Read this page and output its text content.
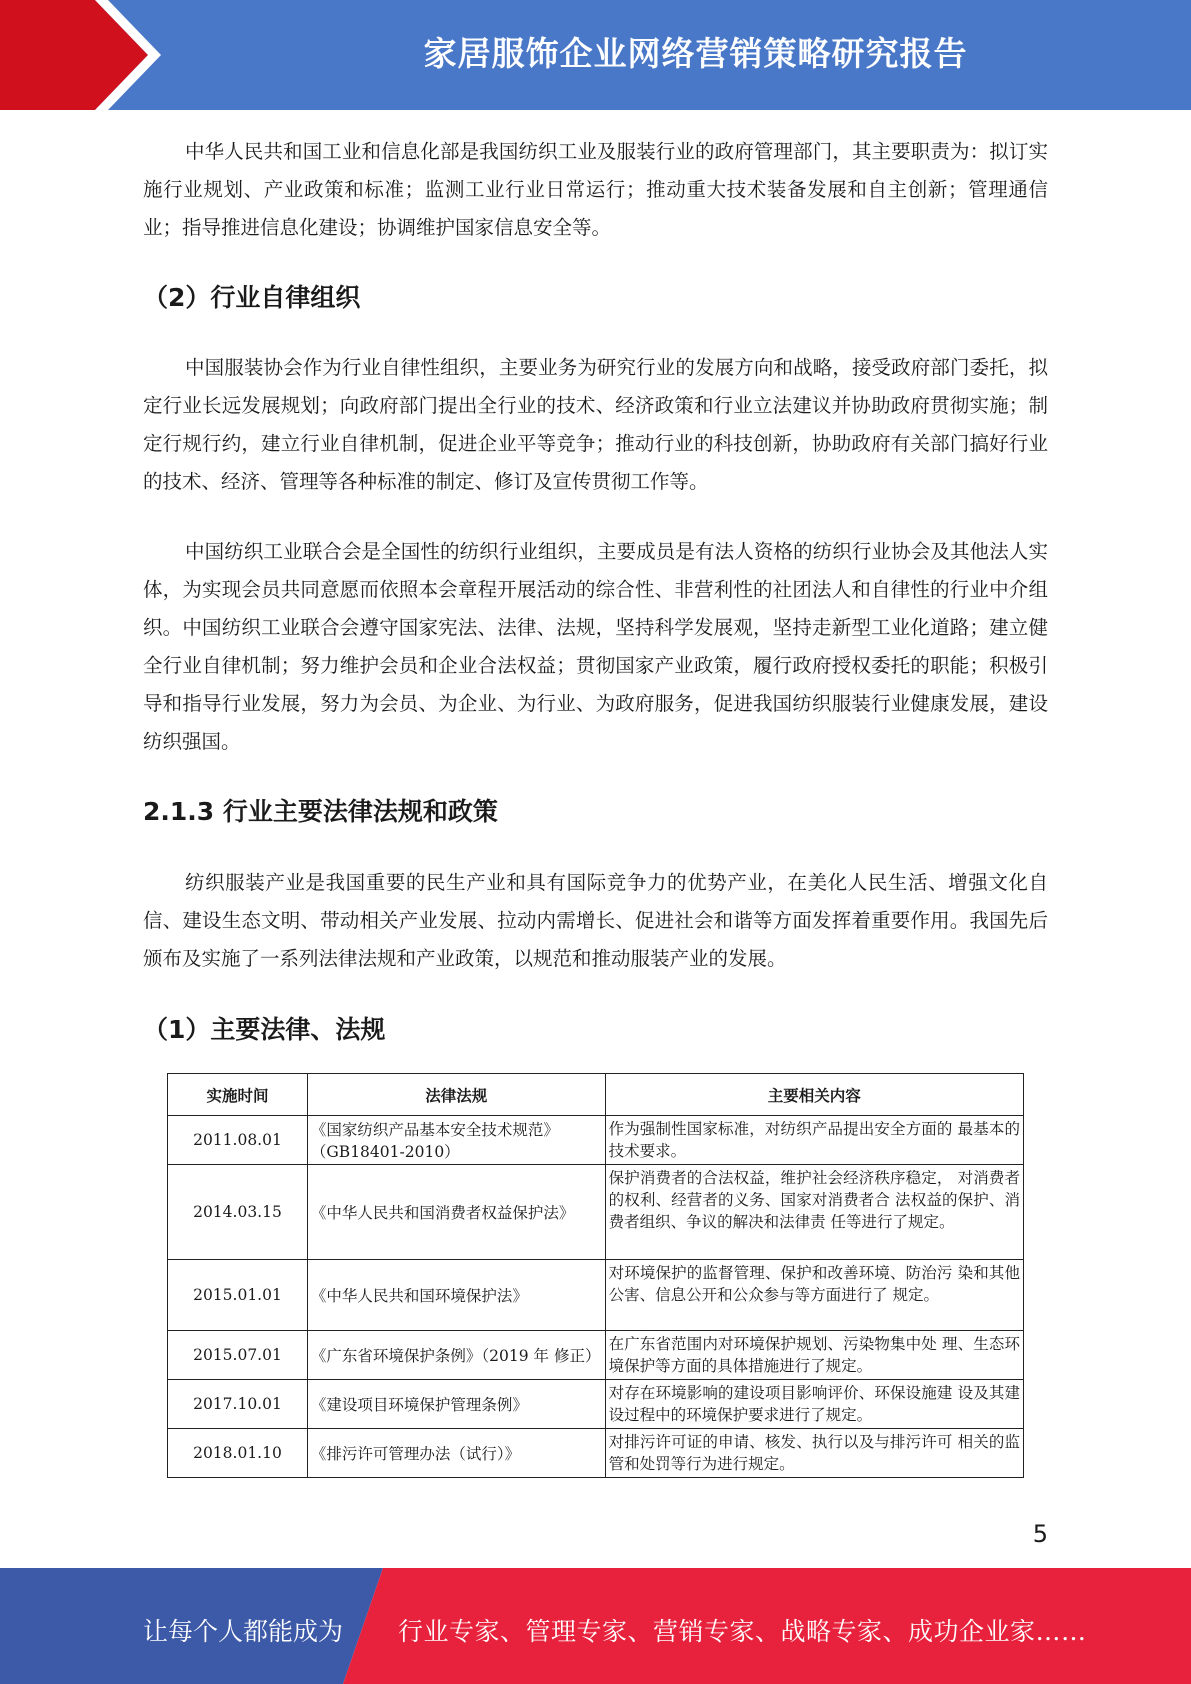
家居服饰企业网络营销策略研究报告

中华人民共和国工业和信息化部是我国纺织工业及服装行业的政府管理部门，其主要职责为：拟订实施行业规划、产业政策和标准；监测工业行业日常运行；推动重大技术装备发展和自主创新；管理通信业；指导推进信息化建设；协调维护国家信息安全等。

（2）行业自律组织

中国服装协会作为行业自律性组织，主要业务为研究行业的发展方向和战略，接受政府部门委托，拟定行业长远发展规划；向政府部门提出全行业的技术、经济政策和行业立法建议并协助政府贯彻实施；制定行规行约，建立行业自律机制，促进企业平等竞争；推动行业的科技创新，协助政府有关部门搞好行业的技术、经济、管理等各种标准的制定、修订及宣传贯彻工作等。

中国纺织工业联合会是全国性的纺织行业组织，主要成员是有法人资格的纺织行业协会及其他法人实体，为实现会员共同意愿而依照本会章程开展活动的综合性、非营利性的社团法人和自律性的行业中介组织。中国纺织工业联合会遵守国家宪法、法律、法规，坚持科学发展观，坚持走新型工业化道路；建立健全行业自律机制；努力维护会员和企业合法权益；贯彻国家产业政策，履行政府授权委托的职能；积极引导和指导行业发展，努力为会员、为企业、为行业、为政府服务，促进我国纺织服装行业健康发展，建设纺织强国。

2.1.3 行业主要法律法规和政策

纺织服装产业是我国重要的民生产业和具有国际竞争力的优势产业，在美化人民生活、增强文化自信、建设生态文明、带动相关产业发展、拉动内需增长、促进社会和谐等方面发挥着重要作用。我国先后颁布及实施了一系列法律法规和产业政策，以规范和推动服装产业的发展。

（1）主要法律、法规
实施时间	法律法规	主要相关内容
2011.08.01	《国家纺织产品基本安全技术规范》（GB18401-2010）	作为强制性国家标准，对纺织产品提出安全方面的 最基本的技术要求。
2014.03.15	《中华人民共和国消费者权益保护法》	保护消费者的合法权益，维护社会经济秩序稳定， 对消费者的权利、经营者的义务、国家对消费者合 法权益的保护、消费者组织、争议的解决和法律责 任等进行了规定。
2015.01.01	《中华人民共和国环境保护法》	对环境保护的监督管理、保护和改善环境、防治污 染和其他公害、信息公开和公众参与等方面进行了 规定。
2015.07.01	《广东省环境保护条例》（2019 年 修正）	在广东省范围内对环境保护规划、污染物集中处 理、生态环境保护等方面的具体措施进行了规定。
2017.10.01	《建设项目环境保护管理条例》	对存在环境影响的建设项目影响评价、环保设施建 设及其建设过程中的环境保护要求进行了规定。
2018.01.10	《排污许可管理办法（试行）》	对排污许可证的申请、核发、执行以及与排污许可 相关的监管和处罚等行为进行规定。
5
让每个人都能成为 行业专家、管理专家、营销专家、战略专家、成功企业家……
